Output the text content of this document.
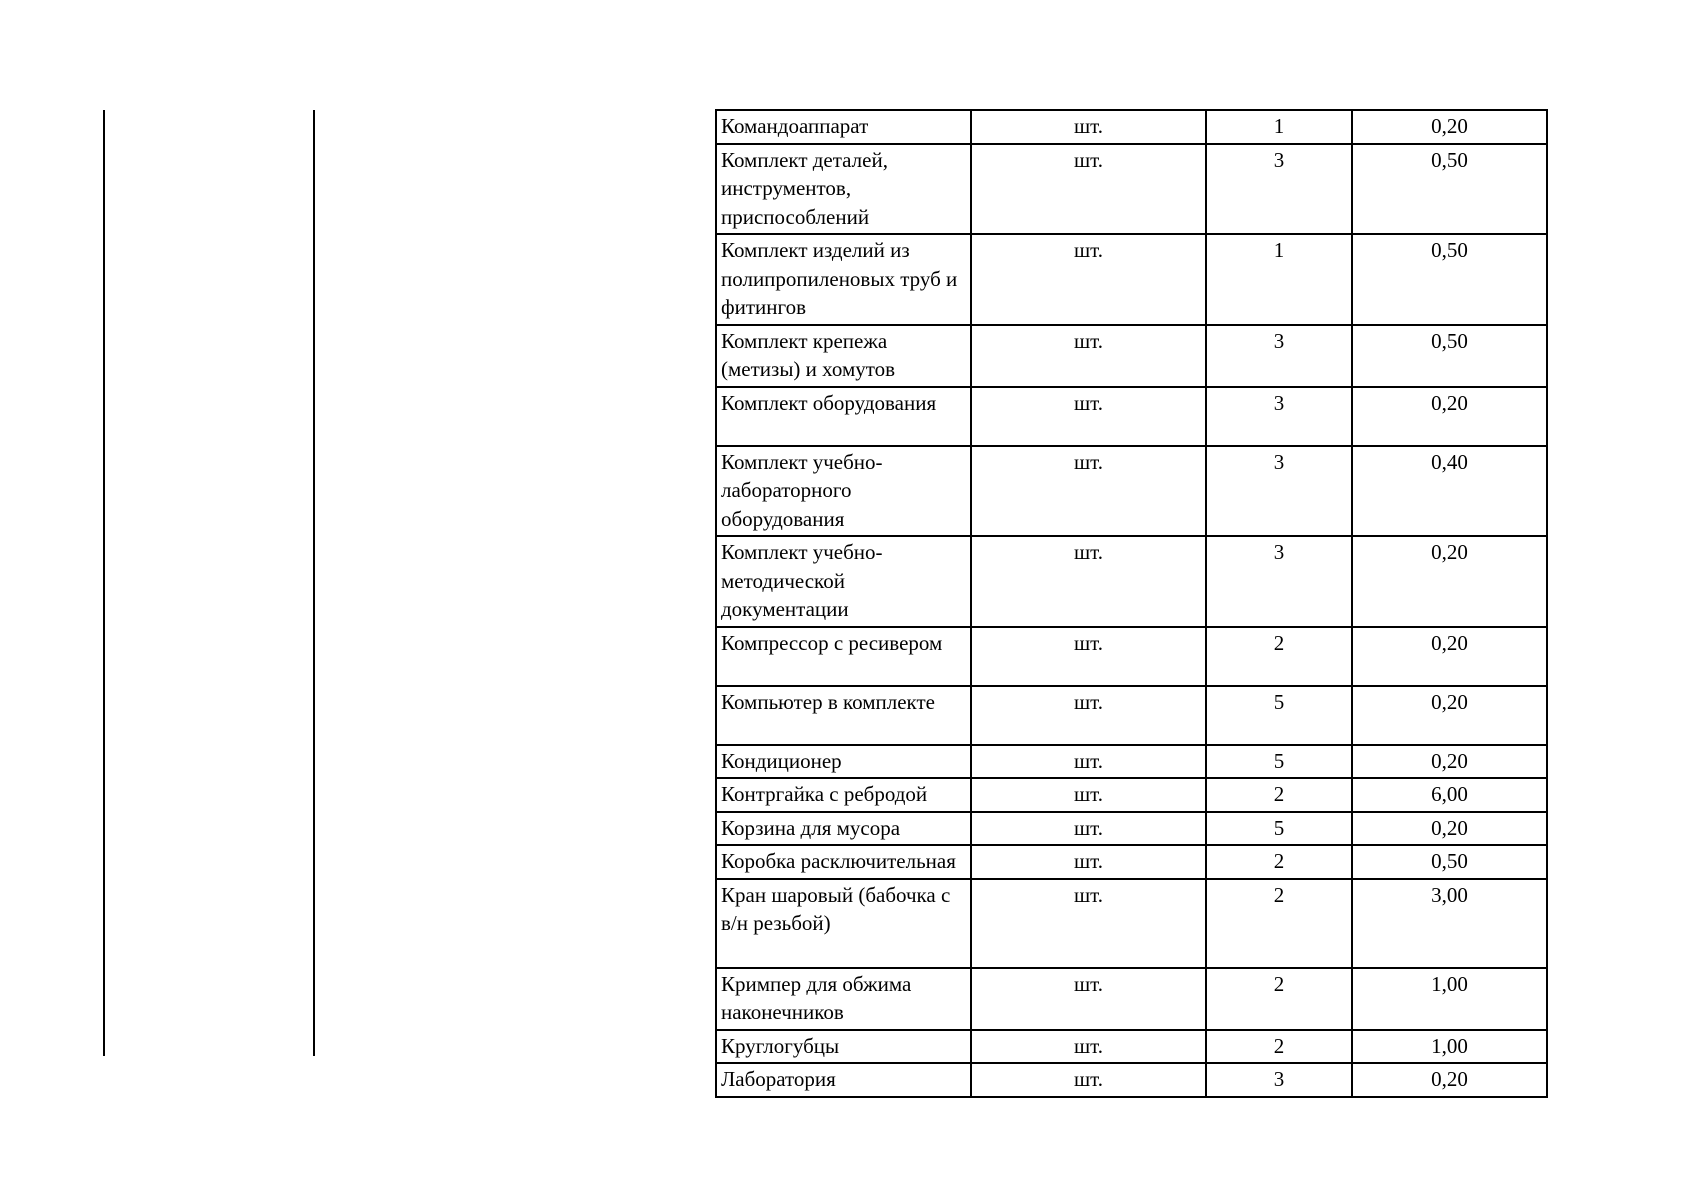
Командоаппарат	шт.	1	0,20
Комплект деталей, инструментов, приспособлений	шт.	3	0,50
Комплект изделий из полипропиленовых труб и фитингов	шт.	1	0,50
Комплект крепежа (метизы) и хомутов	шт.	3	0,50
Комплект оборудования	шт.	3	0,20
Комплект учебно-лабораторного оборудования	шт.	3	0,40
Комплект учебно-методической документации	шт.	3	0,20
Компрессор с ресивером	шт.	2	0,20
Компьютер в комплекте	шт.	5	0,20
Кондиционер	шт.	5	0,20
Контргайка с ребродой	шт.	2	6,00
Корзина для мусора	шт.	5	0,20
Коробка расключительная	шт.	2	0,50
Кран шаровый (бабочка с в/н резьбой)	шт.	2	3,00
Кримпер для обжима наконечников	шт.	2	1,00
Круглогубцы	шт.	2	1,00
Лаборатория	шт.	3	0,20
